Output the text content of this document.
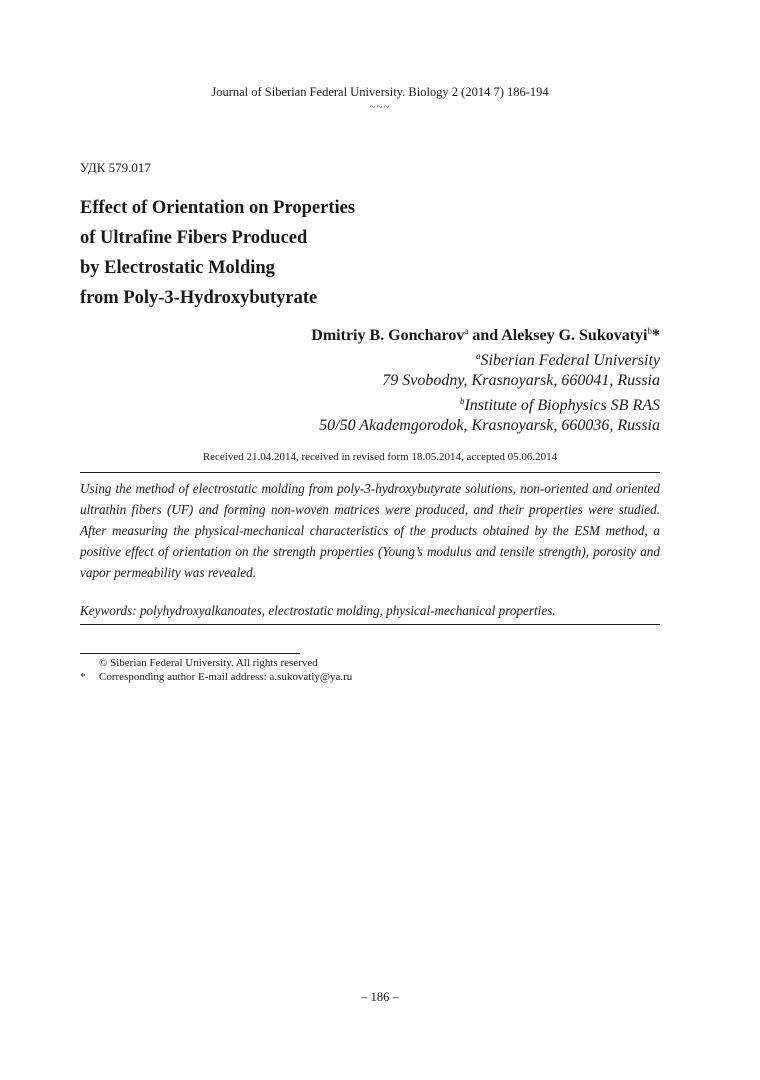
Journal of Siberian Federal University. Biology 2 (2014 7) 186-194
~~~
УДК 579.017
Effect of Orientation on Properties
of Ultrafine Fibers Produced
by Electrostatic Molding
from Poly-3-Hydroxybutyrate
Dmitriy B. Goncharov$^a$ and Aleksey G. Sukovatyi$^b$*
$^a$Siberian Federal University
79 Svobodny, Krasnoyarsk, 660041, Russia
$^b$Institute of Biophysics SB RAS
50/50 Akademgorodok, Krasnoyarsk, 660036, Russia
Received 21.04.2014, received in revised form 18.05.2014, accepted 05.06.2014
Using the method of electrostatic molding from poly-3-hydroxybutyrate solutions, non-oriented and oriented ultrathin fibers (UF) and forming non-woven matrices were produced, and their properties were studied. After measuring the physical-mechanical characteristics of the products obtained by the ESM method, a positive effect of orientation on the strength properties (Young’s modulus and tensile strength), porosity and vapor permeability was revealed.
Keywords: polyhydroxyalkanoates, electrostatic molding, physical-mechanical properties.
© Siberian Federal University. All rights reserved
* Corresponding author E-mail address: a.sukovatiy@ya.ru
– 186 –
